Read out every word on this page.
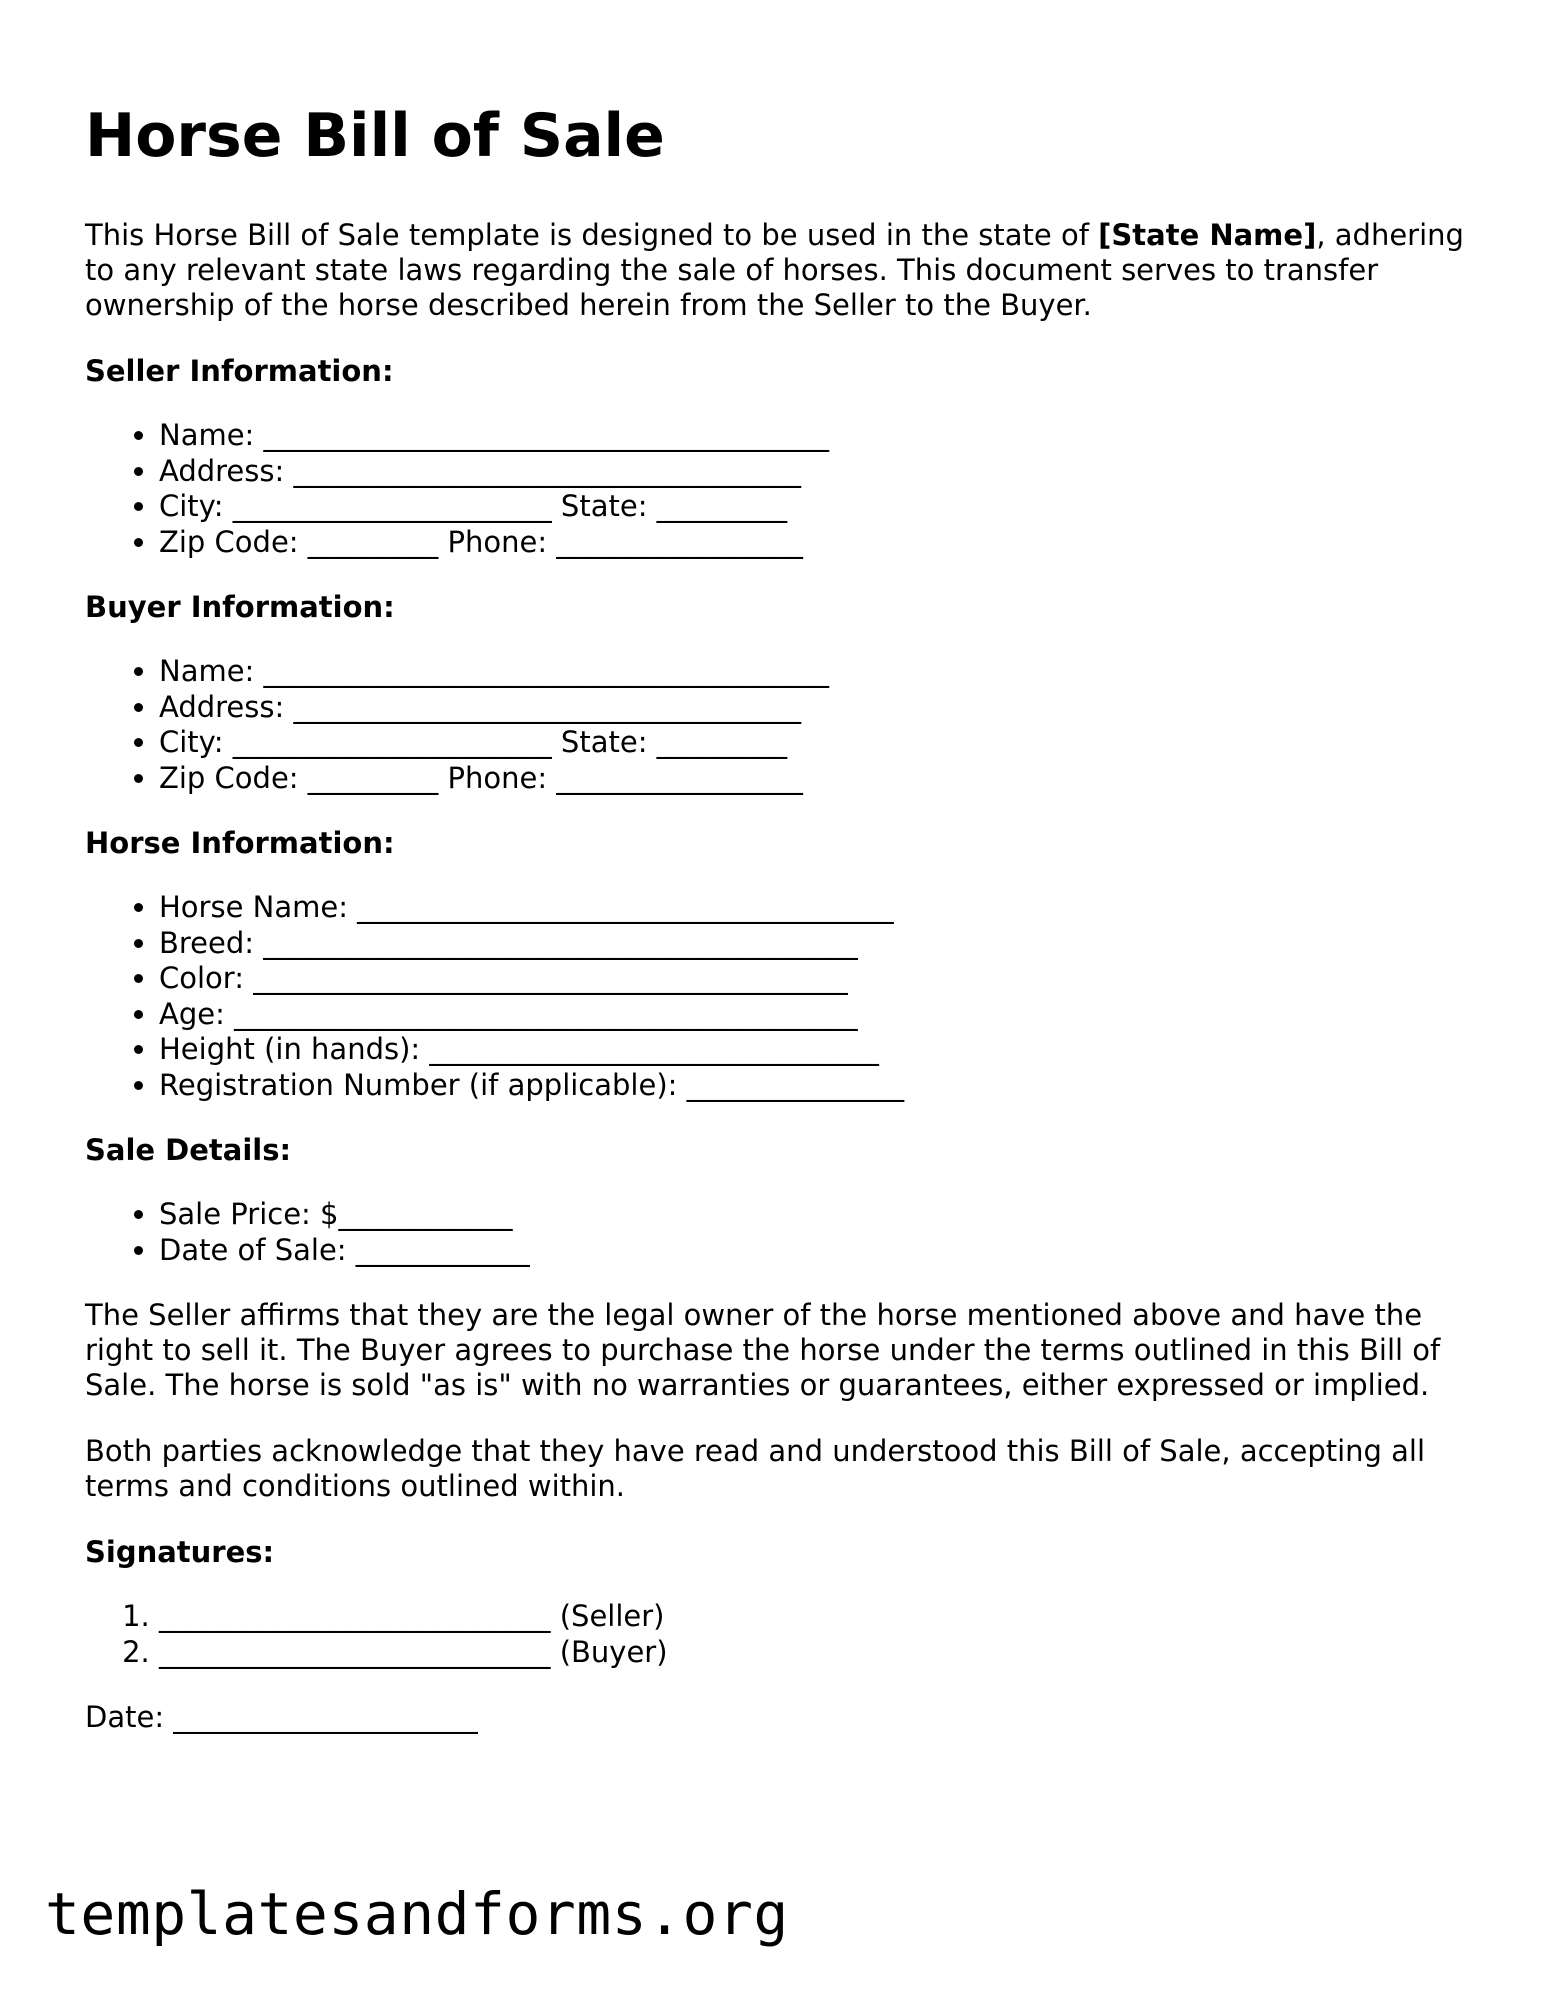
Horse Bill of Sale

This Horse Bill of Sale template is designed to be used in the state of [State Name], adhering to any relevant state laws regarding the sale of horses. This document serves to transfer ownership of the horse described herein from the Seller to the Buyer.

Seller Information:
• Name: _______________________________________
• Address: ___________________________________
• City: ______________________ State: _________
• Zip Code: _________ Phone: _________________
Buyer Information:
• Name: _______________________________________
• Address: ___________________________________
• City: ______________________ State: _________
• Zip Code: _________ Phone: _________________
Horse Information:
• Horse Name: _____________________________________
• Breed: _________________________________________
• Color: _________________________________________
• Age: ___________________________________________
• Height (in hands): _______________________________
• Registration Number (if applicable): _______________
Sale Details:
• Sale Price: $____________
• Date of Sale: ____________

The Seller affirms that they are the legal owner of the horse mentioned above and have the right to sell it. The Buyer agrees to purchase the horse under the terms outlined in this Bill of Sale. The horse is sold "as is" with no warranties or guarantees, either expressed or implied.

Both parties acknowledge that they have read and understood this Bill of Sale, accepting all terms and conditions outlined within.

Signatures:
1. ___________________________ (Seller)
2. ___________________________ (Buyer)
Date: _____________________
templatesandforms.org
